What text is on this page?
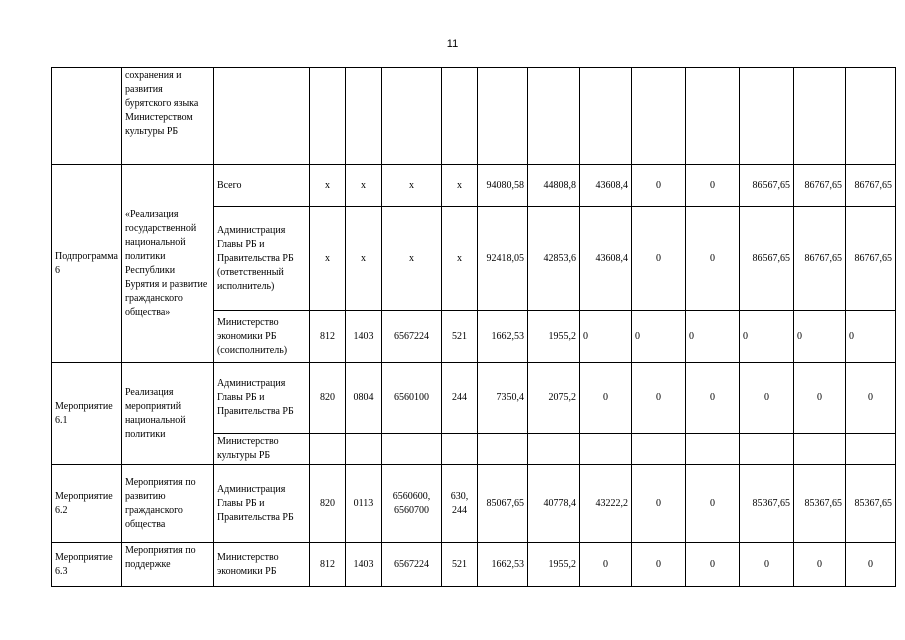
11
	сохранения и развития бурятского языка Министерством культуры РБ													
Подпрограмма 6	«Реализация государственной национальной политики Республики Бурятия и развитие гражданского общества»	Всего	x	x	x	x	94080,58	44808,8	43608,4	0	0	86567,65	86767,65	86767,65
		Администрация Главы РБ и Правительства РБ (ответственный исполнитель)	x	x	x	x	92418,05	42853,6	43608,4	0	0	86567,65	86767,65	86767,65
		Министерство экономики РБ (соисполнитель)	812	1403	6567224	521	1662,53	1955,2	0	0	0	0	0	0
Мероприятие 6.1	Реализация мероприятий национальной политики	Администрация Главы РБ и Правительства РБ	820	0804	6560100	244	7350,4	2075,2	0	0	0	0	0	0
		Министерство культуры РБ												
Мероприятие 6.2	Мероприятия по развитию гражданского общества	Администрация Главы РБ и Правительства РБ	820	0113	6560600, 6560700	630, 244	85067,65	40778,4	43222,2	0	0	85367,65	85367,65	85367,65
Мероприятие 6.3	Мероприятия по поддержке	Министерство экономики РБ	812	1403	6567224	521	1662,53	1955,2	0	0	0	0	0	0
